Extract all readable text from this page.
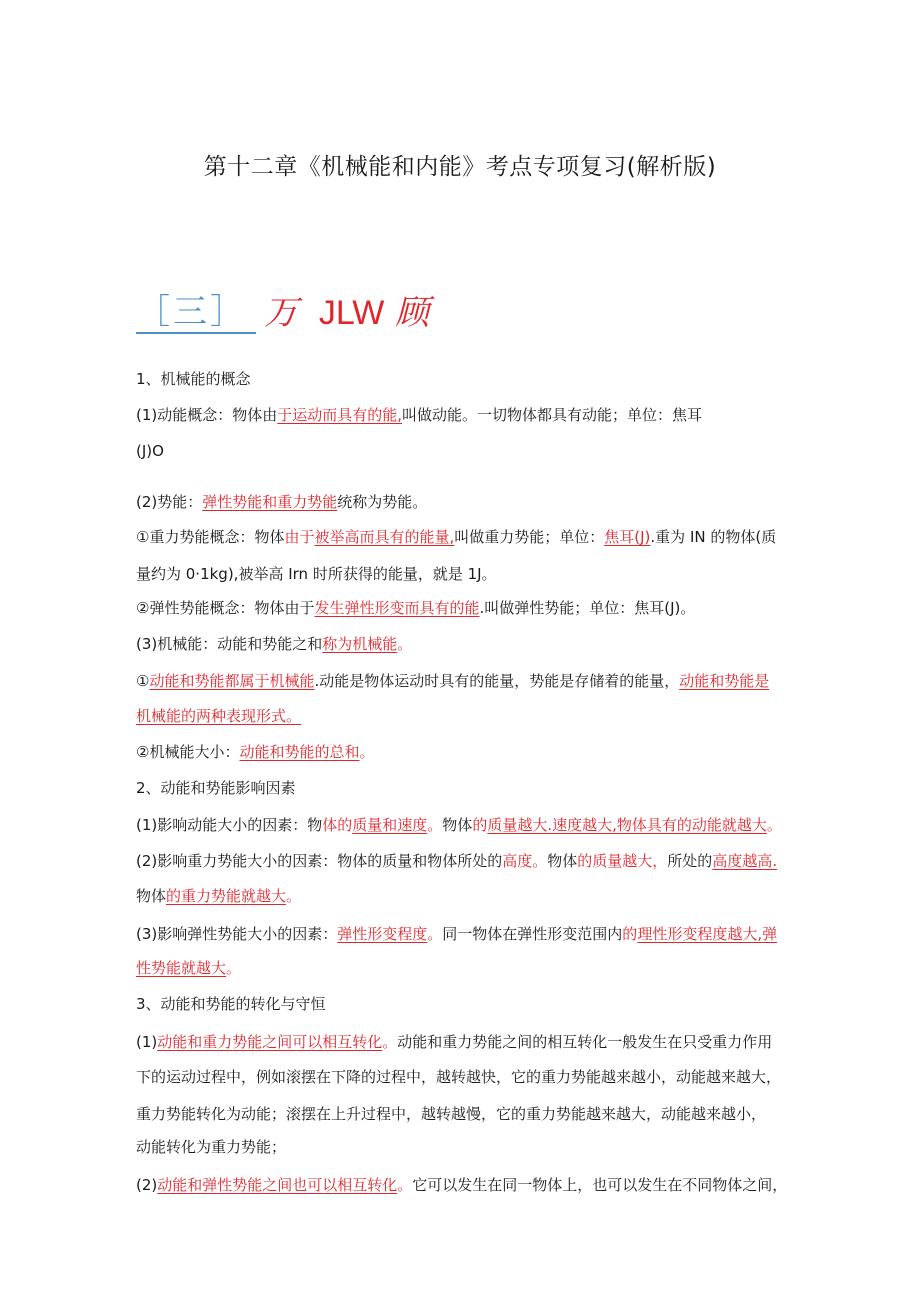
第十二章《机械能和内能》考点专项复习(解析版)
［三］ 万 JLW 顾
1、机械能的概念
(1)动能概念：物体由于运动而具有的能,叫做动能。一切物体都具有动能；单位：焦耳
(J)O
(2)势能：弹性势能和重力势能统称为势能。
①重力势能概念：物体由于被举高而具有的能量,叫做重力势能；单位：焦耳(J).重为 IN 的物体(质
量约为 0·1kg),被举高 Irn 时所获得的能量，就是 1J。
②弹性势能概念：物体由于发生弹性形变而具有的能.叫做弹性势能；单位：焦耳(J)。
(3)机械能：动能和势能之和称为机械能。
①动能和势能都属于机械能.动能是物体运动时具有的能量，势能是存储着的能量，动能和势能是
机械能的两种表现形式。
②机械能大小：动能和势能的总和。
2、动能和势能影响因素
(1)影响动能大小的因素：物体的质量和速度。物体的质量越大.速度越大,物体具有的动能就越大。
(2)影响重力势能大小的因素：物体的质量和物体所处的高度。物体的质量越大，所处的高度越高.
物体的重力势能就越大。
(3)影响弹性势能大小的因素：弹性形变程度。同一物体在弹性形变范围内的理性形变程度越大,弹
性势能就越大。
3、动能和势能的转化与守恒
(1)动能和重力势能之间可以相互转化。动能和重力势能之间的相互转化一般发生在只受重力作用
下的运动过程中，例如滚摆在下降的过程中，越转越快，它的重力势能越来越小，动能越来越大，
重力势能转化为动能；滚摆在上升过程中，越转越慢，它的重力势能越来越大，动能越来越小，
动能转化为重力势能；
(2)动能和弹性势能之间也可以相互转化。它可以发生在同一物体上，也可以发生在不同物体之间，
